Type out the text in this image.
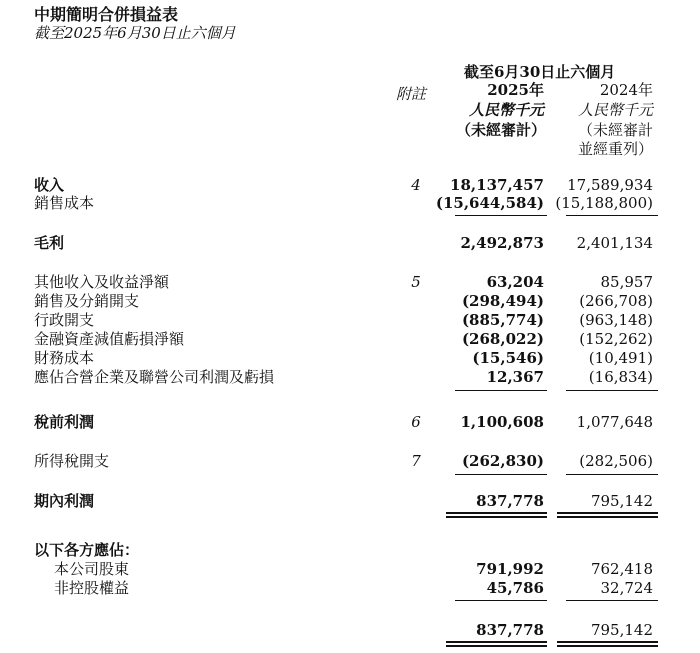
中期簡明合併損益表
截至2025年6月30日止六個月
截至6月30日止六個月
附註	2025年
人民幣千元
（未經審計）
2024年
人民幣千元
（未經審計
並經重列）
收入	4	18,137,457 17,589,934
銷售成本	(15,644,584) (15,188,800)
毛利	2,492,873 2,401,134
其他收入及收益淨額	5	63,204	85,957
銷售及分銷開支	(298,494) (266,708)
行政開支	(885,774) (963,148)
金融資產減值虧損淨額	(268,022) (152,262)
財務成本	(15,546)	(10,491)
應佔合營企業及聯營公司利潤及虧損	12,367	(16,834)
稅前利潤	6	1,100,608 1,077,648
所得稅開支	7	(262,830) (282,506)
期內利潤	837,778	795,142
以下各方應佔：
本公司股東	791,992	762,418
非控股權益	45,786	32,724
837,778	795,142
